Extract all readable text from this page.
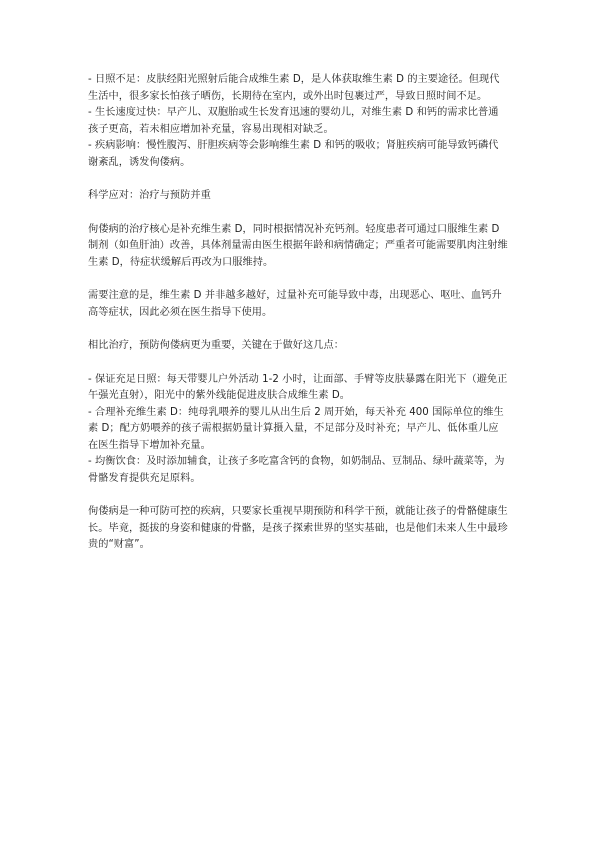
- 日照不足：皮肤经阳光照射后能合成维生素 D，是人体获取维生素 D 的主要途径。但现代生活中，很多家长怕孩子晒伤，长期待在室内，或外出时包裹过严，导致日照时间不足。

- 生长速度过快：早产儿、双胞胎或生长发育迅速的婴幼儿，对维生素 D 和钙的需求比普通孩子更高，若未相应增加补充量，容易出现相对缺乏。

- 疾病影响：慢性腹泻、肝胆疾病等会影响维生素 D 和钙的吸收；肾脏疾病可能导致钙磷代谢紊乱，诱发佝偻病。

科学应对：治疗与预防并重

佝偻病的治疗核心是补充维生素 D，同时根据情况补充钙剂。轻度患者可通过口服维生素 D 制剂（如鱼肝油）改善，具体剂量需由医生根据年龄和病情确定；严重者可能需要肌肉注射维生素 D，待症状缓解后再改为口服维持。

需要注意的是，维生素 D 并非越多越好，过量补充可能导致中毒，出现恶心、呕吐、血钙升高等症状，因此必须在医生指导下使用。

相比治疗，预防佝偻病更为重要，关键在于做好这几点：

- 保证充足日照：每天带婴儿户外活动 1-2 小时，让面部、手臂等皮肤暴露在阳光下（避免正午强光直射），阳光中的紫外线能促进皮肤合成维生素 D。

- 合理补充维生素 D：纯母乳喂养的婴儿从出生后 2 周开始，每天补充 400 国际单位的维生素 D；配方奶喂养的孩子需根据奶量计算摄入量，不足部分及时补充；早产儿、低体重儿应在医生指导下增加补充量。

- 均衡饮食：及时添加辅食，让孩子多吃富含钙的食物，如奶制品、豆制品、绿叶蔬菜等，为骨骼发育提供充足原料。

佝偻病是一种可防可控的疾病，只要家长重视早期预防和科学干预，就能让孩子的骨骼健康生长。毕竟，挺拔的身姿和健康的骨骼，是孩子探索世界的坚实基础，也是他们未来人生中最珍贵的“财富”。
